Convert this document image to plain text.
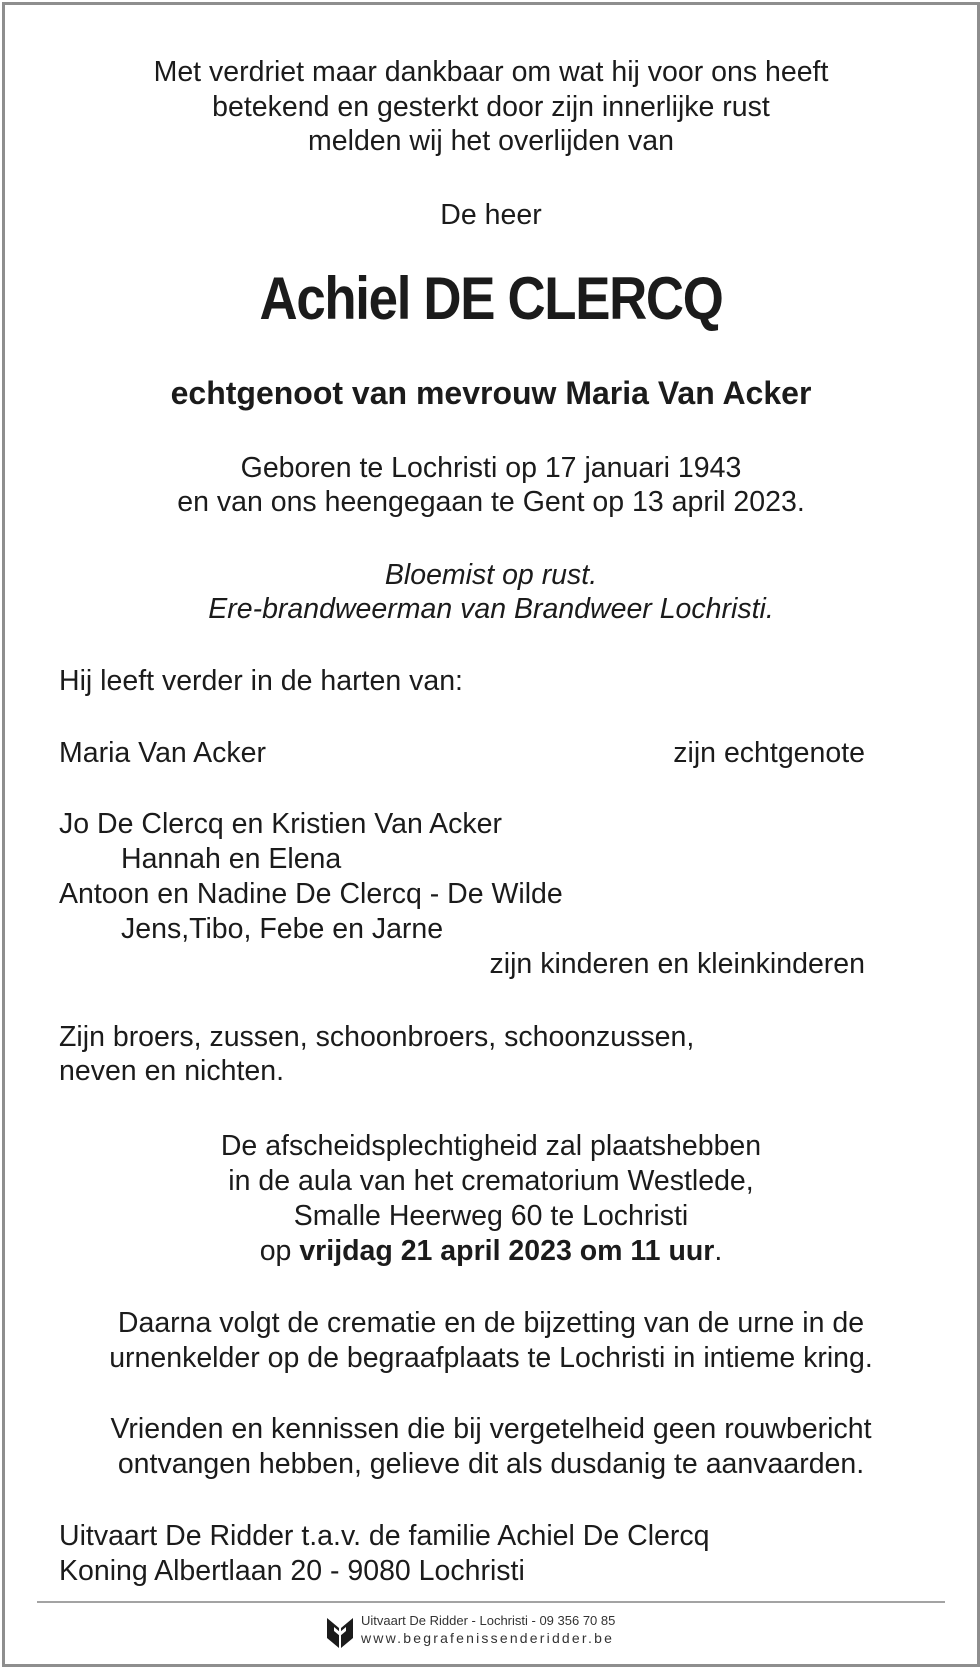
Met verdriet maar dankbaar om wat hij voor ons heeft
betekend en gesterkt door zijn innerlijke rust
melden wij het overlijden van
De heer
Achiel DE CLERCQ
echtgenoot van mevrouw Maria Van Acker
Geboren te Lochristi op 17 januari 1943
en van ons heengegaan te Gent op 13 april 2023.
Bloemist op rust.
Ere-brandweerman van Brandweer Lochristi.
Hij leeft verder in de harten van:
Maria Van Acker	zijn echtgenote
Jo De Clercq en Kristien Van Acker
Hannah en Elena
Antoon en Nadine De Clercq - De Wilde
Jens,Tibo, Febe en Jarne
zijn kinderen en kleinkinderen
Zijn broers, zussen, schoonbroers, schoonzussen,
neven en nichten.
De afscheidsplechtigheid zal plaatshebben
in de aula van het crematorium Westlede,
Smalle Heerweg 60 te Lochristi
op vrijdag 21 april 2023 om 11 uur.
Daarna volgt de crematie en de bijzetting van de urne in de
urnenkelder op de begraafplaats te Lochristi in intieme kring.
Vrienden en kennissen die bij vergetelheid geen rouwbericht
ontvangen hebben, gelieve dit als dusdanig te aanvaarden.
Uitvaart De Ridder t.a.v. de familie Achiel De Clercq
Koning Albertlaan 20 - 9080 Lochristi
Uitvaart De Ridder - Lochristi - 09 356 70 85
www.begrafenissenderidder.be
